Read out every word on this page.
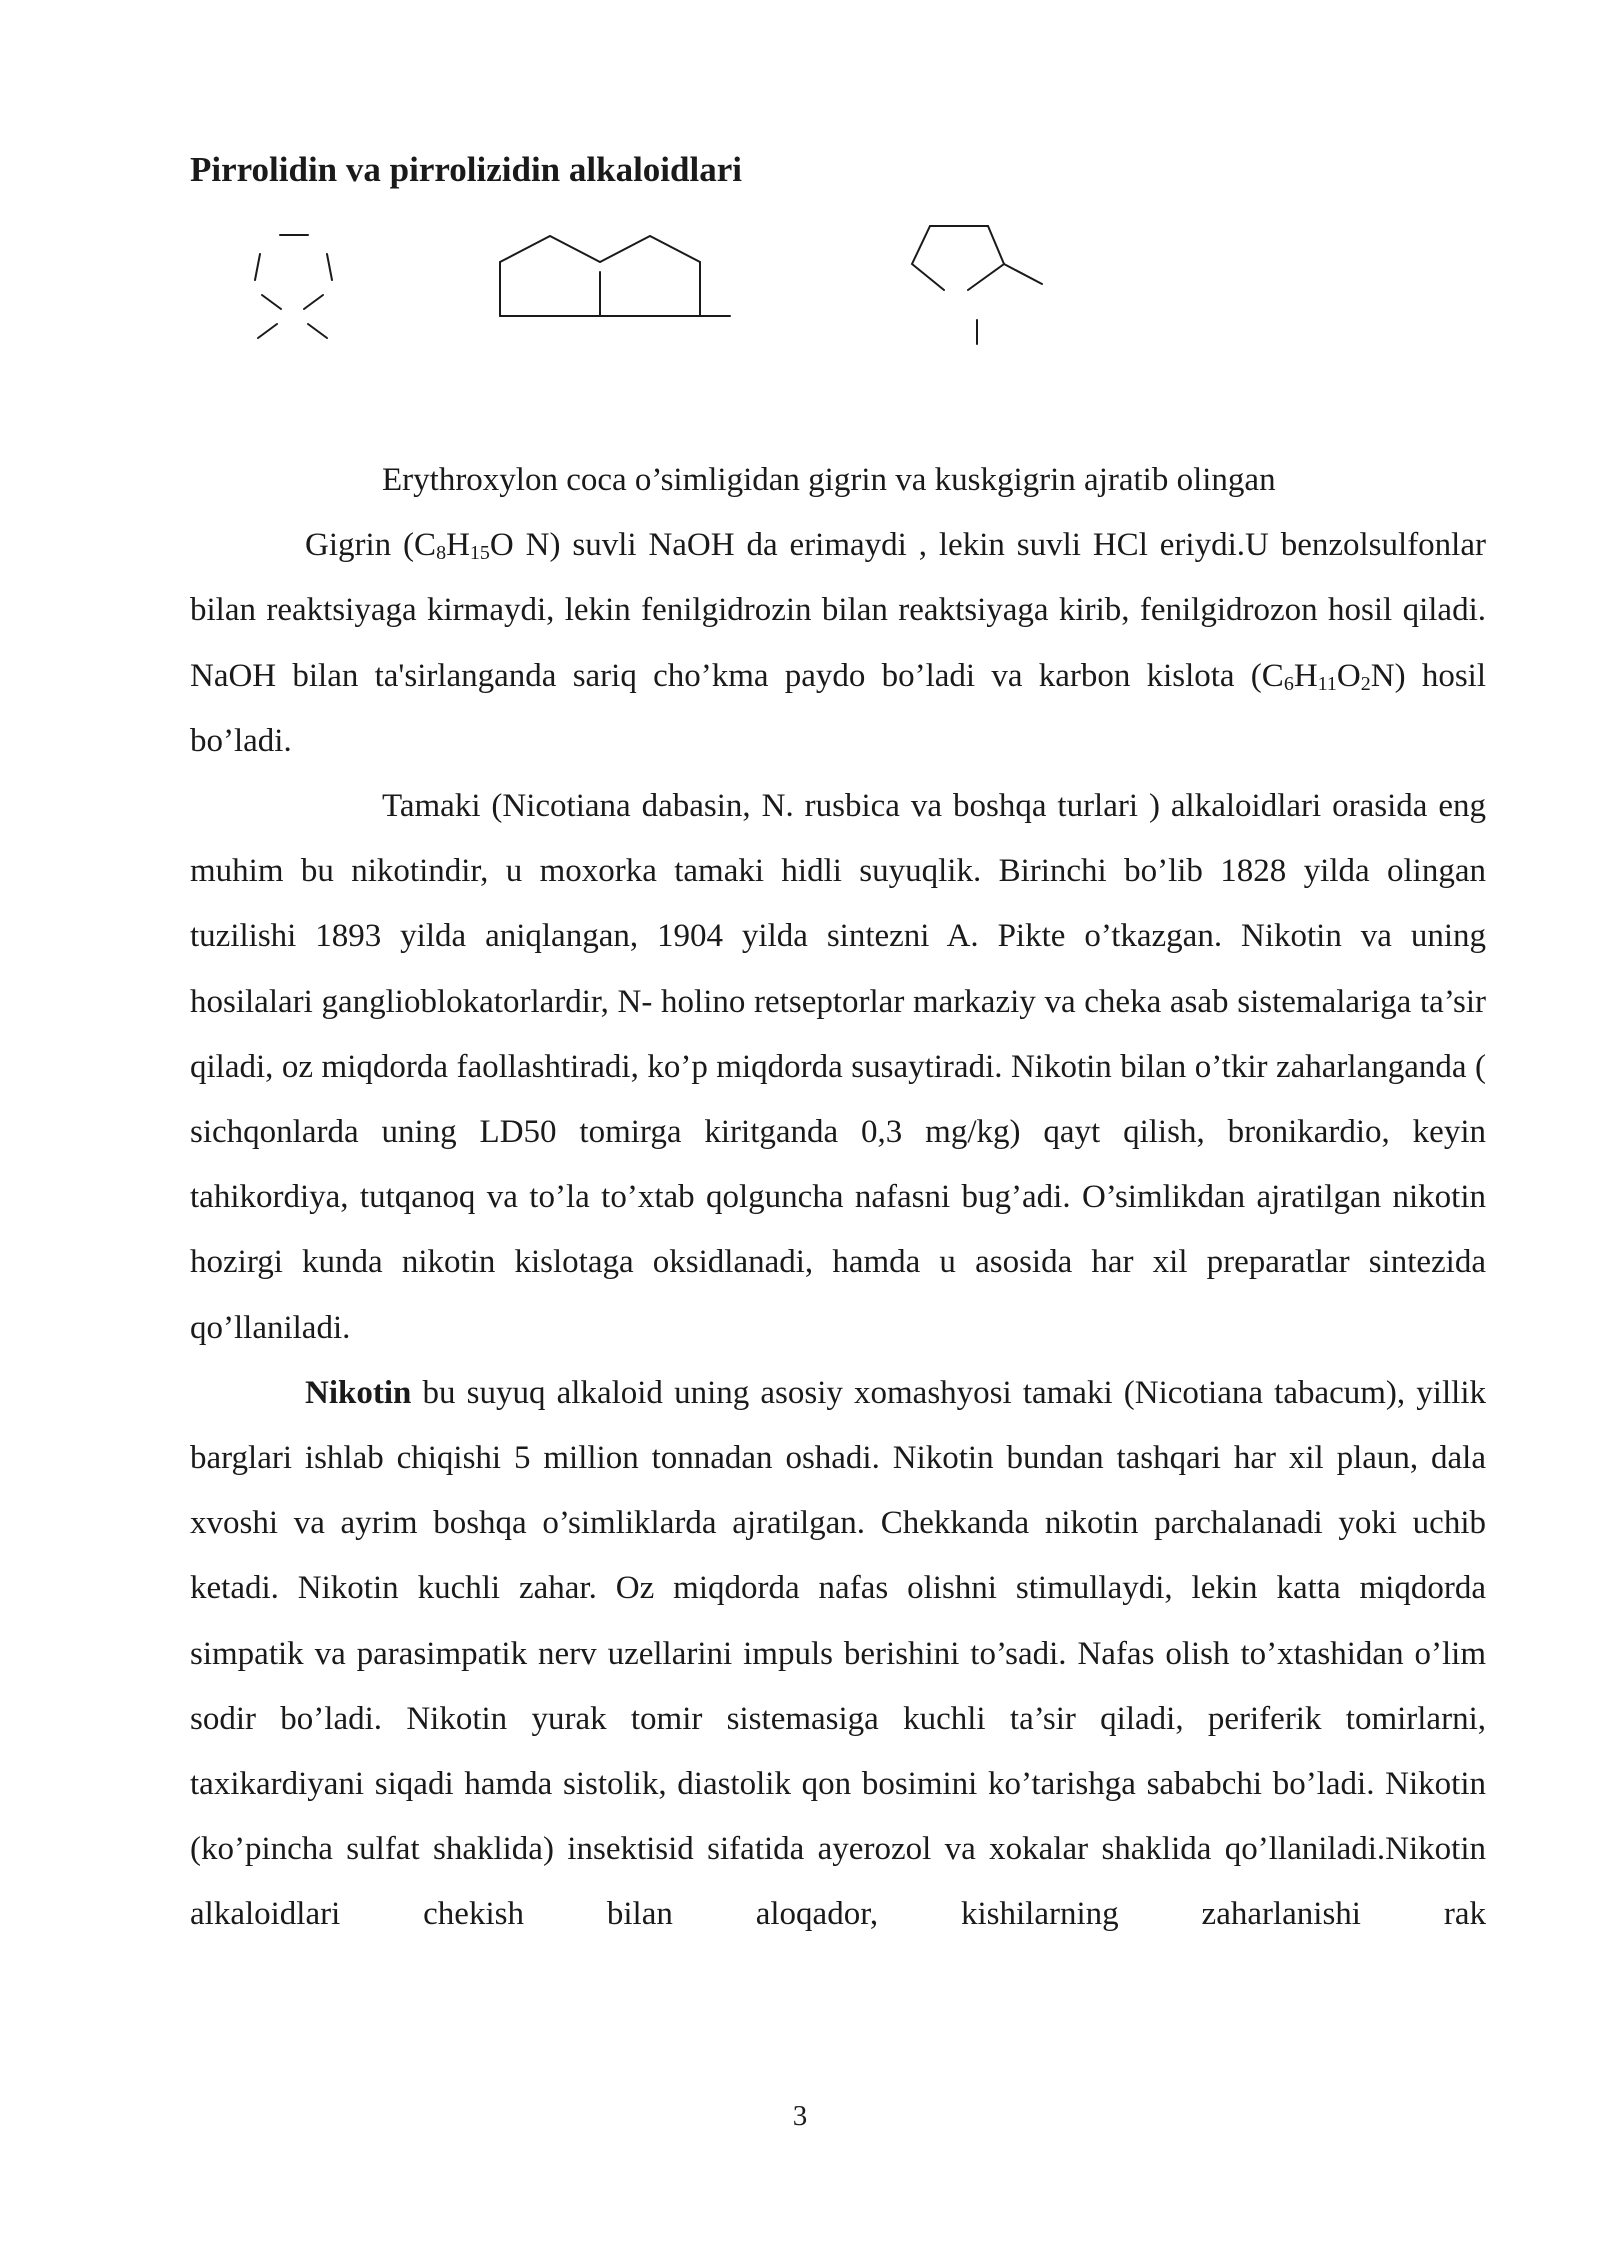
Pirrolidin va pirrolizidin alkaloidlari

Erythroxylon coca o’simligidan gigrin va kuskgigrin ajratib olingan

Gigrin ($C_8H_{15}O$ N) suvli NaOH da erimaydi , lekin suvli HCl eriydi.U benzolsulfonlar bilan reaktsiyaga kirmaydi, lekin fenilgidrozin bilan reaktsiyaga kirib, fenilgidrozon hosil qiladi. NaOH bilan ta'sirlanganda sariq cho’kma paydo bo’ladi va karbon kislota $(C_6H_{11}O_2N)$ hosil bo’ladi.

Tamaki (Nicotiana dabasin, N. rusbica va boshqa turlari ) alkaloidlari orasida eng muhim bu nikotindir, u moxorka tamaki hidli suyuqlik. Birinchi bo’lib 1828 yilda olingan tuzilishi 1893 yilda aniqlangan, 1904 yilda sintezni A. Pikte o’tkazgan. Nikotin va uning hosilalari ganglioblokatorlardir, N- holino retseptorlar markaziy va cheka asab sistemalariga ta’sir qiladi, oz miqdorda faollashtiradi, ko’p miqdorda susaytiradi. Nikotin bilan o’tkir zaharlanganda ( sichqonlarda uning LD50 tomirga kiritganda 0,3 mg/kg) qayt qilish, bronikardio, keyin tahikordiya, tutqanoq va to’la to’xtab qolguncha nafasni bug’adi. O’simlikdan ajratilgan nikotin hozirgi kunda nikotin kislotaga oksidlanadi, hamda u asosida har xil preparatlar sintezida qo’llaniladi.

Nikotin bu suyuq alkaloid uning asosiy xomashyosi tamaki (Nicotiana tabacum), yillik barglari ishlab chiqishi 5 million tonnadan oshadi. Nikotin bundan tashqari har xil plaun, dala xvoshi va ayrim boshqa o’simliklarda ajratilgan. Chekkanda nikotin parchalanadi yoki uchib ketadi. Nikotin kuchli zahar. Oz miqdorda nafas olishni stimullaydi, lekin katta miqdorda simpatik va parasimpatik nerv uzellarini impuls berishini to’sadi. Nafas olish to’xtashidan o’lim sodir bo’ladi. Nikotin yurak tomir sistemasiga kuchli ta’sir qiladi, periferik tomirlarni, taxikardiyani siqadi hamda sistolik, diastolik qon bosimini ko’tarishga sababchi bo’ladi. Nikotin (ko’pincha sulfat shaklida) insektisid sifatida ayerozol va xokalar shaklida qo’llaniladi.Nikotin alkaloidlari chekish bilan aloqador, kishilarning zaharlanishi rak

3
